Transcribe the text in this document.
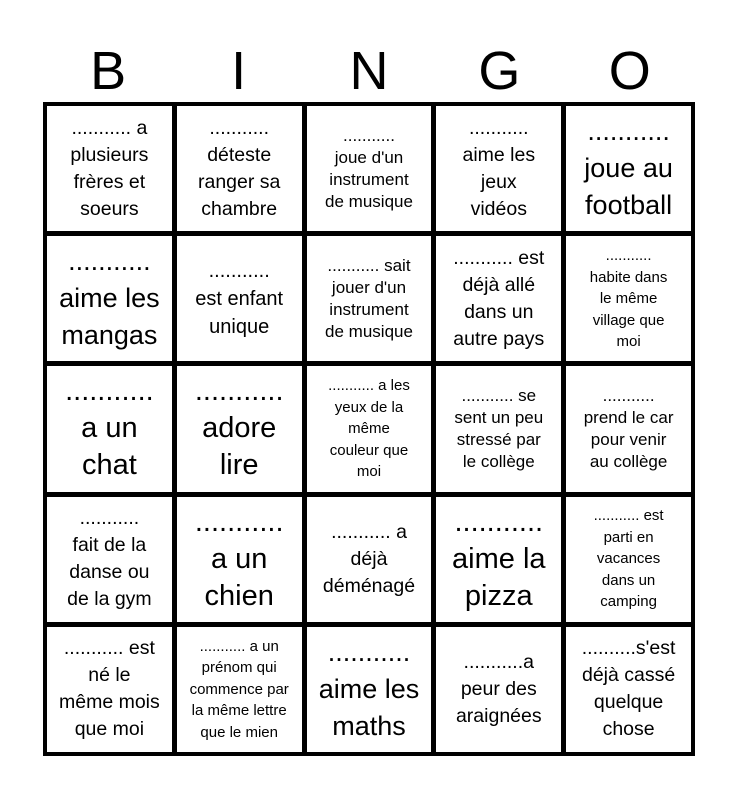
B	I	N	G	O
........... a
plusieurs
frères et
soeurs
...........
déteste
ranger sa
chambre
...........
joue d'un
instrument
de musique
...........
aime les
jeux
vidéos
...........
joue au
football
...........
aime les
mangas
...........
est enfant
unique
........... sait
jouer d'un
instrument
de musique
........... est
déjà allé
dans un
autre pays
...........
habite dans
le même
village que
moi
...........
a un
chat
...........
adore
lire
........... a les
yeux de la
même
couleur que
moi
........... se
sent un peu
stressé par
le collège
...........
prend le car
pour venir
au collège
...........
fait de la
danse ou
de la gym
...........
a un
chien
........... a
déjà
déménagé
...........
aime la
pizza
........... est
parti en
vacances
dans un
camping
........... est
né le
même mois
que moi
........... a un
prénom qui
commence par
la même lettre
que le mien
...........
aime les
maths
...........a
peur des
araignées
..........s'est
déjà cassé
quelque
chose
